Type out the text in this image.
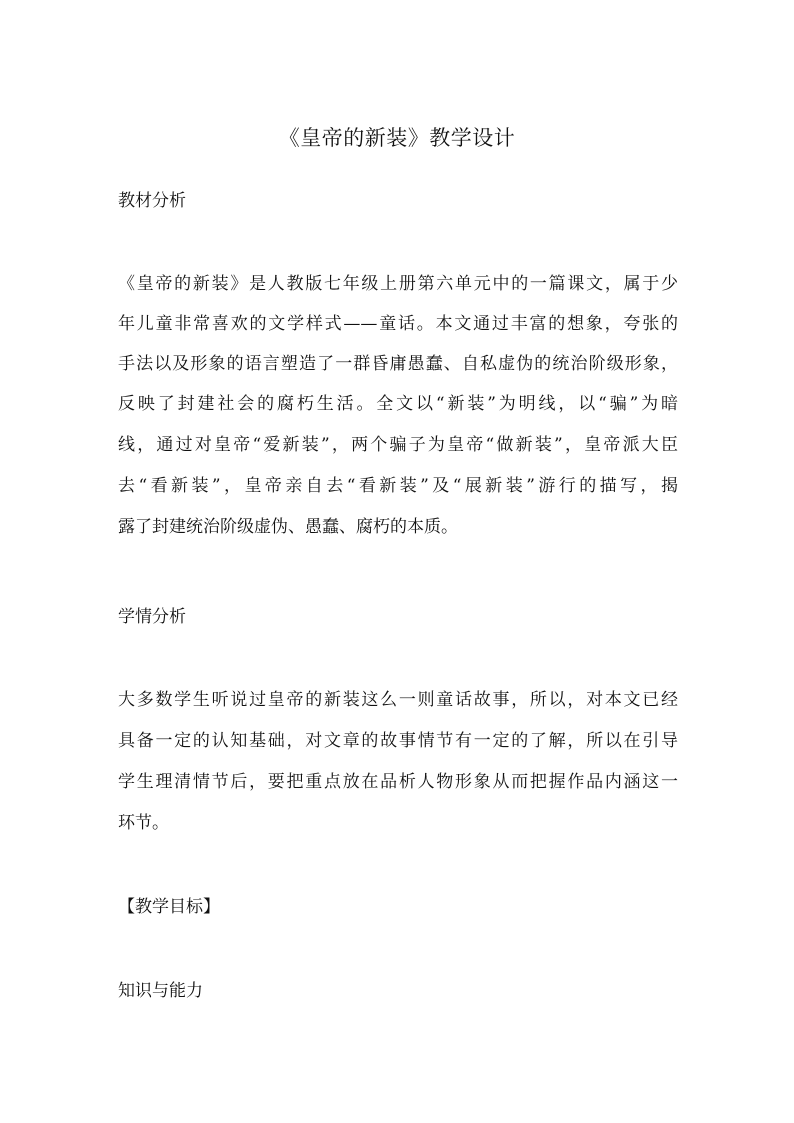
《皇帝的新装》教学设计
教材分析
《皇帝的新装》是人教版七年级上册第六单元中的一篇课文，属于少
年儿童非常喜欢的文学样式——童话。本文通过丰富的想象，夸张的
手法以及形象的语言塑造了一群昏庸愚蠢、自私虚伪的统治阶级形象，
反映了封建社会的腐朽生活。全文以“新装”为明线，以“骗”为暗
线，通过对皇帝“爱新装”，两个骗子为皇帝“做新装”，皇帝派大臣
去“看新装”，皇帝亲自去“看新装”及“展新装”游行的描写，揭
露了封建统治阶级虚伪、愚蠢、腐朽的本质。
学情分析
大多数学生听说过皇帝的新装这么一则童话故事，所以，对本文已经
具备一定的认知基础，对文章的故事情节有一定的了解，所以在引导
学生理清情节后，要把重点放在品析人物形象从而把握作品内涵这一
环节。
【教学目标】
知识与能力
